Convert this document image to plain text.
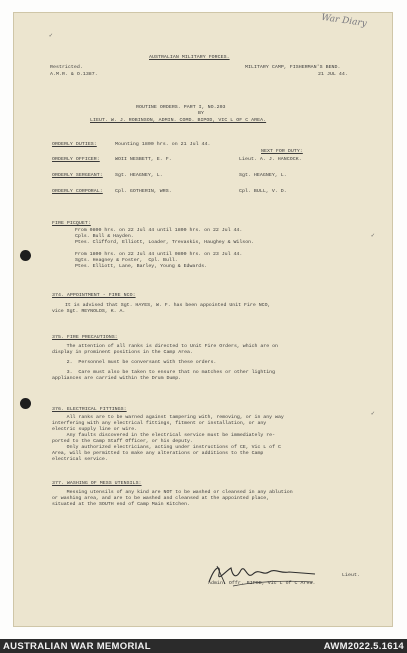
War Diary
✓
✓
✓
AUSTRALIAN MILITARY FORCES.
Restricted.
A.M.R. & O.1387.
MILITARY CAMP, FISHERMAN'S BEND.
21 JUL 44.
ROUTINE ORDERS. PART I, NO.203
BY
LIEUT. W. J. ROBINSON, ADMIN. COMD. BIPOD, VIC L OF C AREA.
ORDERLY DUTIES:	Mounting 1800 hrs. on 21 Jul 44.
NEXT FOR DUTY:
ORDERLY OFFICER:	WOII NESBETT, E. F.	Lieut. A. J. HANCOCK.
ORDERLY SERGEANT:	Sgt. HEAGNEY, L.	Sgt. HEAGNEY, L.
ORDERLY CORPORAL:	Cpl. GOTHERIN, WRS.	Cpl. BULL, V. D.
FIRE PICQUET:
From 0800 hrs. on 22 Jul 44 until 1800 hrs. on 22 Jul 44.
Cpls. Bull & Hayden.
Ptes. Clifford, Elliott, Loader, Trevaskis, Haughey & Wilson.
From 1800 hrs. on 22 Jul 44 until 0800 hrs. on 23 Jul 44.
Sgts. Heagney & Foster,  Cpl. Bull.
Ptes. Elliott, Lane, Barley, Young & Edwards.
374. APPOINTMENT - FIRE NCO:
It is advised that Sgt. HAYES, W. F. has been appointed Unit Fire NCO,
vice Sgt. REYNOLDS, K. A.
375. FIRE PRECAUTIONS:
The attention of all ranks is directed to Unit Fire Orders, which are on
display in prominent positions in the Camp Area.
2.  Personnel must be conversant with these orders.
3.  Care must also be taken to ensure that no matches or other lighting
appliances are carried within the Drum Dump.
376. ELECTRICAL FITTINGS:
All ranks are to be warned against tampering with, removing, or in any way
interfering with any electrical fittings, fitment or installation, or any
electric supply line or wire.
Any faults discovered in the electrical service must be immediately re-
ported to the Camp Staff Officer, or his deputy.
Only authorized electricians, acting under instructions of CE, Vic L of C
Area, will be permitted to make any alterations or additions to the Camp
electrical service.
377. WASHING OF MESS UTENSILS:
Messing utensils of any kind are NOT to be washed or cleansed in any ablution
or washing area, and are to be washed and cleansed at the appointed place,
situated at the SOUTH end of Camp Main Kitchen.
Lieut.
Admin. Offr. BIPOD, Vic L of C Area.
AUSTRALIAN WAR MEMORIAL	AWM2022.5.1614
